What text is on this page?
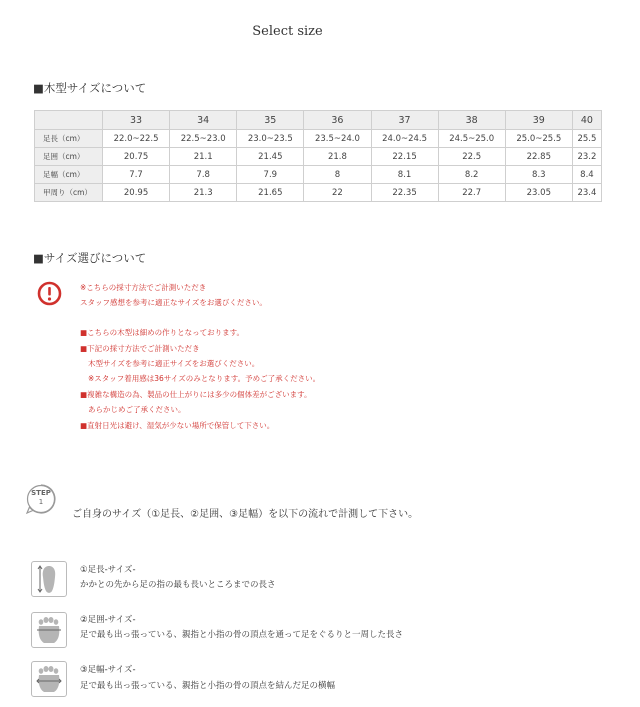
Select size
■木型サイズについて
	33	34	35	36	37	38	39	40
足長（cm）	22.0~22.5	22.5~23.0	23.0~23.5	23.5~24.0	24.0~24.5	24.5~25.0	25.0~25.5	25.5
足囲（cm）	20.75	21.1	21.45	21.8	22.15	22.5	22.85	23.2
足幅（cm）	7.7	7.8	7.9	8	8.1	8.2	8.3	8.4
甲周り（cm）	20.95	21.3	21.65	22	22.35	22.7	23.05	23.4
■サイズ選びについて
※こちらの採寸方法でご計測いただき
スタッフ感想を参考に適正なサイズをお選びください。
■こちらの木型は細めの作りとなっております。
■下記の採寸方法でご計測いただき
木型サイズを参考に適正サイズをお選びください。
※スタッフ着用感は36サイズのみとなります。予めご了承ください。
■複雑な構造の為、製品の仕上がりには多少の個体差がございます。
あらかじめご了承ください。
■直射日光は避け、湿気が少ない場所で保管して下さい。
STEP
1
ご自身のサイズ（①足長、②足囲、③足幅）を以下の流れで計測して下さい。
①足長-サイズ-
かかとの先から足の指の最も長いところまでの長さ
②足囲-サイズ-
足で最も出っ張っている、親指と小指の骨の頂点を通って足をぐるりと一周した長さ
③足幅-サイズ-
足で最も出っ張っている、親指と小指の骨の頂点を結んだ足の横幅
